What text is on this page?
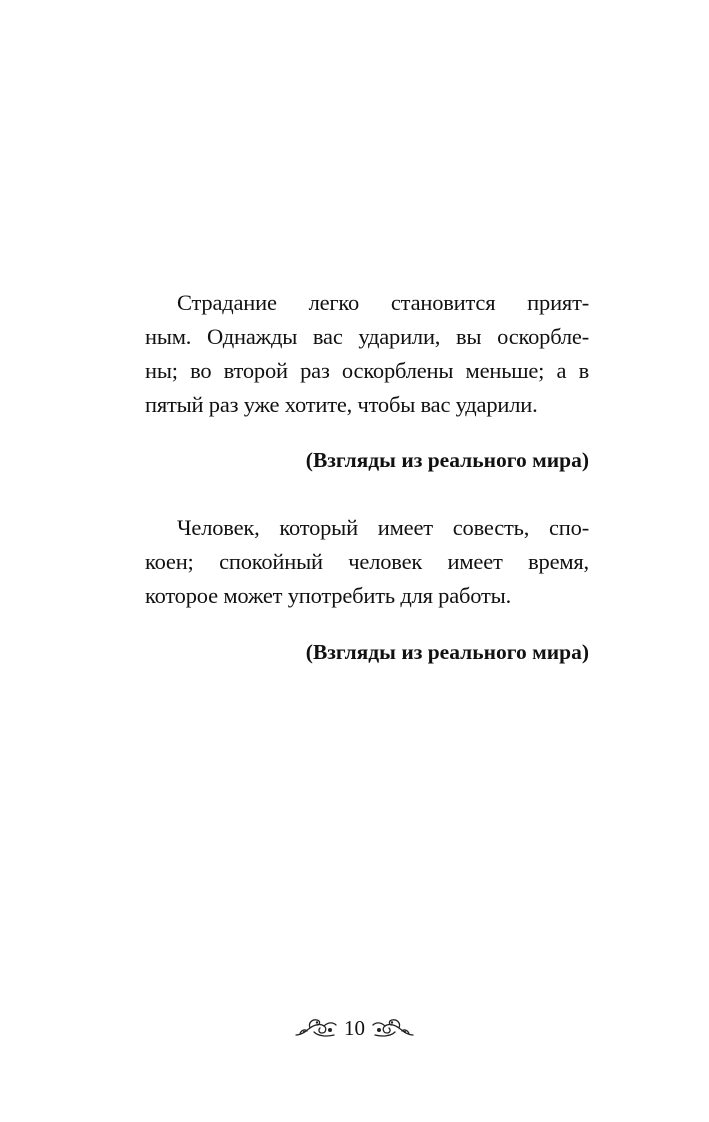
Страдание легко становится прият-
ным. Однажды вас ударили, вы оскорбле-
ны; во второй раз оскорблены меньше; а в
пятый раз уже хотите, чтобы вас ударили.

(Взгляды из реального мира)

Человек, который имеет совесть, спо-
коен; спокойный человек имеет время,
которое может употребить для работы.

(Взгляды из реального мира)

10
